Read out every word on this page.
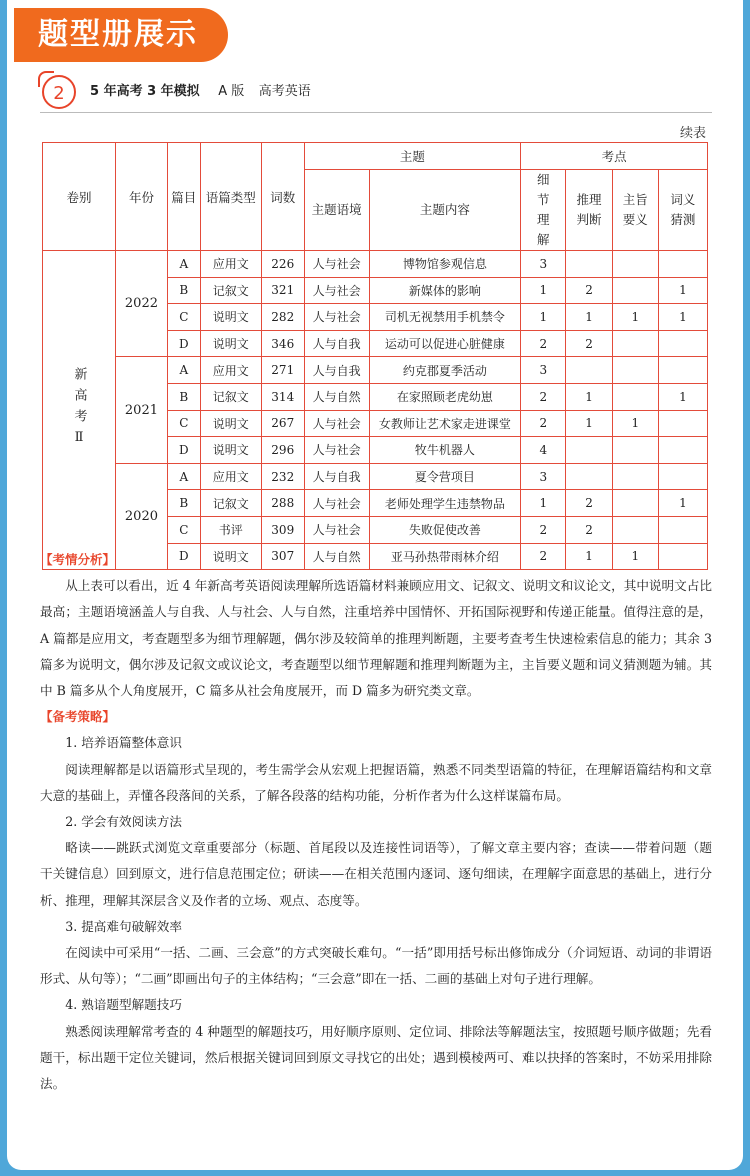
题型册展示
2	5 年高考 3 年模拟 A 版 高考英语
续表
卷别	年份	篇目	语篇类型	词数	主题		考点			
					主题语境	主题内容	细节理解	推理判断	主旨要义	词义猜测
新高考Ⅱ	2022	A	应用文	226	人与社会	博物馆参观信息	3			
		B	记叙文	321	人与社会	新媒体的影响	1	2		1
		C	说明文	282	人与社会	司机无视禁用手机禁令	1	1	1	1
		D	说明文	346	人与自我	运动可以促进心脏健康	2	2		
	2021	A	应用文	271	人与自我	约克郡夏季活动	3			
		B	记叙文	314	人与自然	在家照顾老虎幼崽	2	1		1
		C	说明文	267	人与社会	女教师让艺术家走进课堂	2	1	1	
		D	说明文	296	人与社会	牧牛机器人	4			
	2020	A	应用文	232	人与自我	夏令营项目	3			
		B	记叙文	288	人与社会	老师处理学生违禁物品	1	2		1
		C	书评	309	人与社会	失败促使改善	2	2		
		D	说明文	307	人与自然	亚马孙热带雨林介绍	2	1	1	
【考情分析】

从上表可以看出，近 4 年新高考英语阅读理解所选语篇材料兼顾应用文、记叙文、说明文和议论文，其中说明文占比最高；主题语境涵盖人与自我、人与社会、人与自然，注重培养中国情怀、开拓国际视野和传递正能量。值得注意的是，A 篇都是应用文，考查题型多为细节理解题，偶尔涉及较简单的推理判断题，主要考查考生快速检索信息的能力；其余 3 篇多为说明文，偶尔涉及记叙文或议论文，考查题型以细节理解题和推理判断题为主，主旨要义题和词义猜测题为辅。其中 B 篇多从个人角度展开，C 篇多从社会角度展开，而 D 篇多为研究类文章。

【备考策略】

1. 培养语篇整体意识

阅读理解都是以语篇形式呈现的，考生需学会从宏观上把握语篇，熟悉不同类型语篇的特征，在理解语篇结构和文章大意的基础上，弄懂各段落间的关系，了解各段落的结构功能，分析作者为什么这样谋篇布局。

2. 学会有效阅读方法

略读——跳跃式浏览文章重要部分（标题、首尾段以及连接性词语等），了解文章主要内容；查读——带着问题（题干关键信息）回到原文，进行信息范围定位；研读——在相关范围内逐词、逐句细读，在理解字面意思的基础上，进行分析、推理，理解其深层含义及作者的立场、观点、态度等。

3. 提高难句破解效率

在阅读中可采用“一括、二画、三会意”的方式突破长难句。“一括”即用括号标出修饰成分（介词短语、动词的非谓语形式、从句等）；“二画”即画出句子的主体结构；“三会意”即在一括、二画的基础上对句子进行理解。

4. 熟谙题型解题技巧

熟悉阅读理解常考查的 4 种题型的解题技巧，用好顺序原则、定位词、排除法等解题法宝，按照题号顺序做题；先看题干，标出题干定位关键词，然后根据关键词回到原文寻找它的出处；遇到模棱两可、难以抉择的答案时，不妨采用排除法。
